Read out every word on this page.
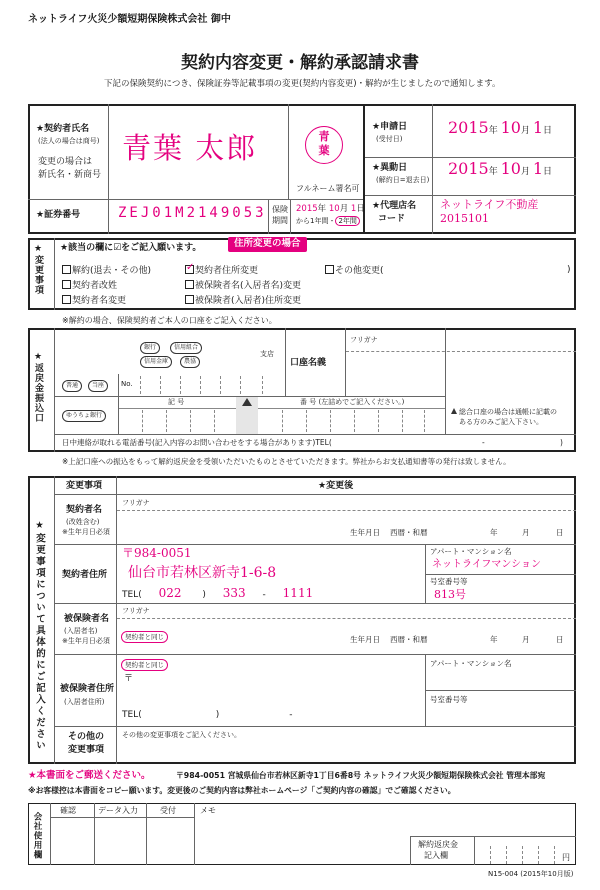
ネットライフ火災少額短期保険株式会社 御中
契約内容変更・解約承認請求書
下記の保険契約につき、保険証券等記載事項の変更(契約内容変更)・解約が生じましたので通知します。
★契約者氏名
(法人の場合は商号)
変更の場合は
新氏名・新商号
青葉 太郎	青
葉
フルネーム署名可
★証券番号	ZEJ01M2149053 保険
期間
2015年 10月 1日
から1年間・ 2年間
★申請日
(受付日)
2015年 10月 1日
★異動日
(解約日=退去日)
2015年 10月 1日
★代理店名
コード
ネットライフ不動産
2015101
★変更事項 ★該当の欄に☑をご記入願います。	住所変更の場合
解約(退去・その他)	✓ 契約者住所変更	その他変更(	)
契約者改姓	被保険者名(入居者名)変更
契約者名変更	被保険者(入居者)住所変更
※解約の場合、保険契約者ご本人の口座をご記入ください。
★返戻金振込口
銀行	信用組合
信用金庫	農協
支店
普通	当座	No.
口座名義
フリガナ
ゆうちょ銀行
記 号	番 号 (左詰めでご記入ください。)
総合口座の場合は通帳に記載の
ある方のみご記入下さい。
日中連絡が取れる電話番号(記入内容のお問い合わせをする場合があります)TEL(	-	)
※上記口座への振込をもって解約返戻金を受領いただいたものとさせていただきます。弊社からお支払通知書等の発行は致しません。
★変更事項について具体的にご記入ください
変更事項	★変更後
契約者名
(改姓含む)
※生年月日必須
フリガナ
生年月日 西暦・和暦	年	月	日
契約者住所
〒984-0051
仙台市若林区新寺1-6-8
TEL( 022 ) 333 - 1111
アパート・マンション名
ネットライフマンション
号室番号等
813号
被保険者名
(入居者名)
※生年月日必須
フリガナ
契約者と同じ	生年月日 西暦・和暦	年	月	日
被保険者住所
(入居者住所)
契約者と同じ
〒
TEL(	)	-
アパート・マンション名
号室番号等
その他の
変更事項
その他の変更事項をご記入ください。
★本書面をご郵送ください。	〒984-0051 宮城県仙台市若林区新寺1丁目6番8号 ネットライフ火災少額短期保険株式会社 管理本部宛
※お客様控は本書面をコピー願います。変更後のご契約内容は弊社ホームページ「ご契約内容の確認」でご確認ください。
会社使用欄
確認	データ入力	受付	メモ
解約返戻金
記入欄	円
N15-004 (2015年10月版)
